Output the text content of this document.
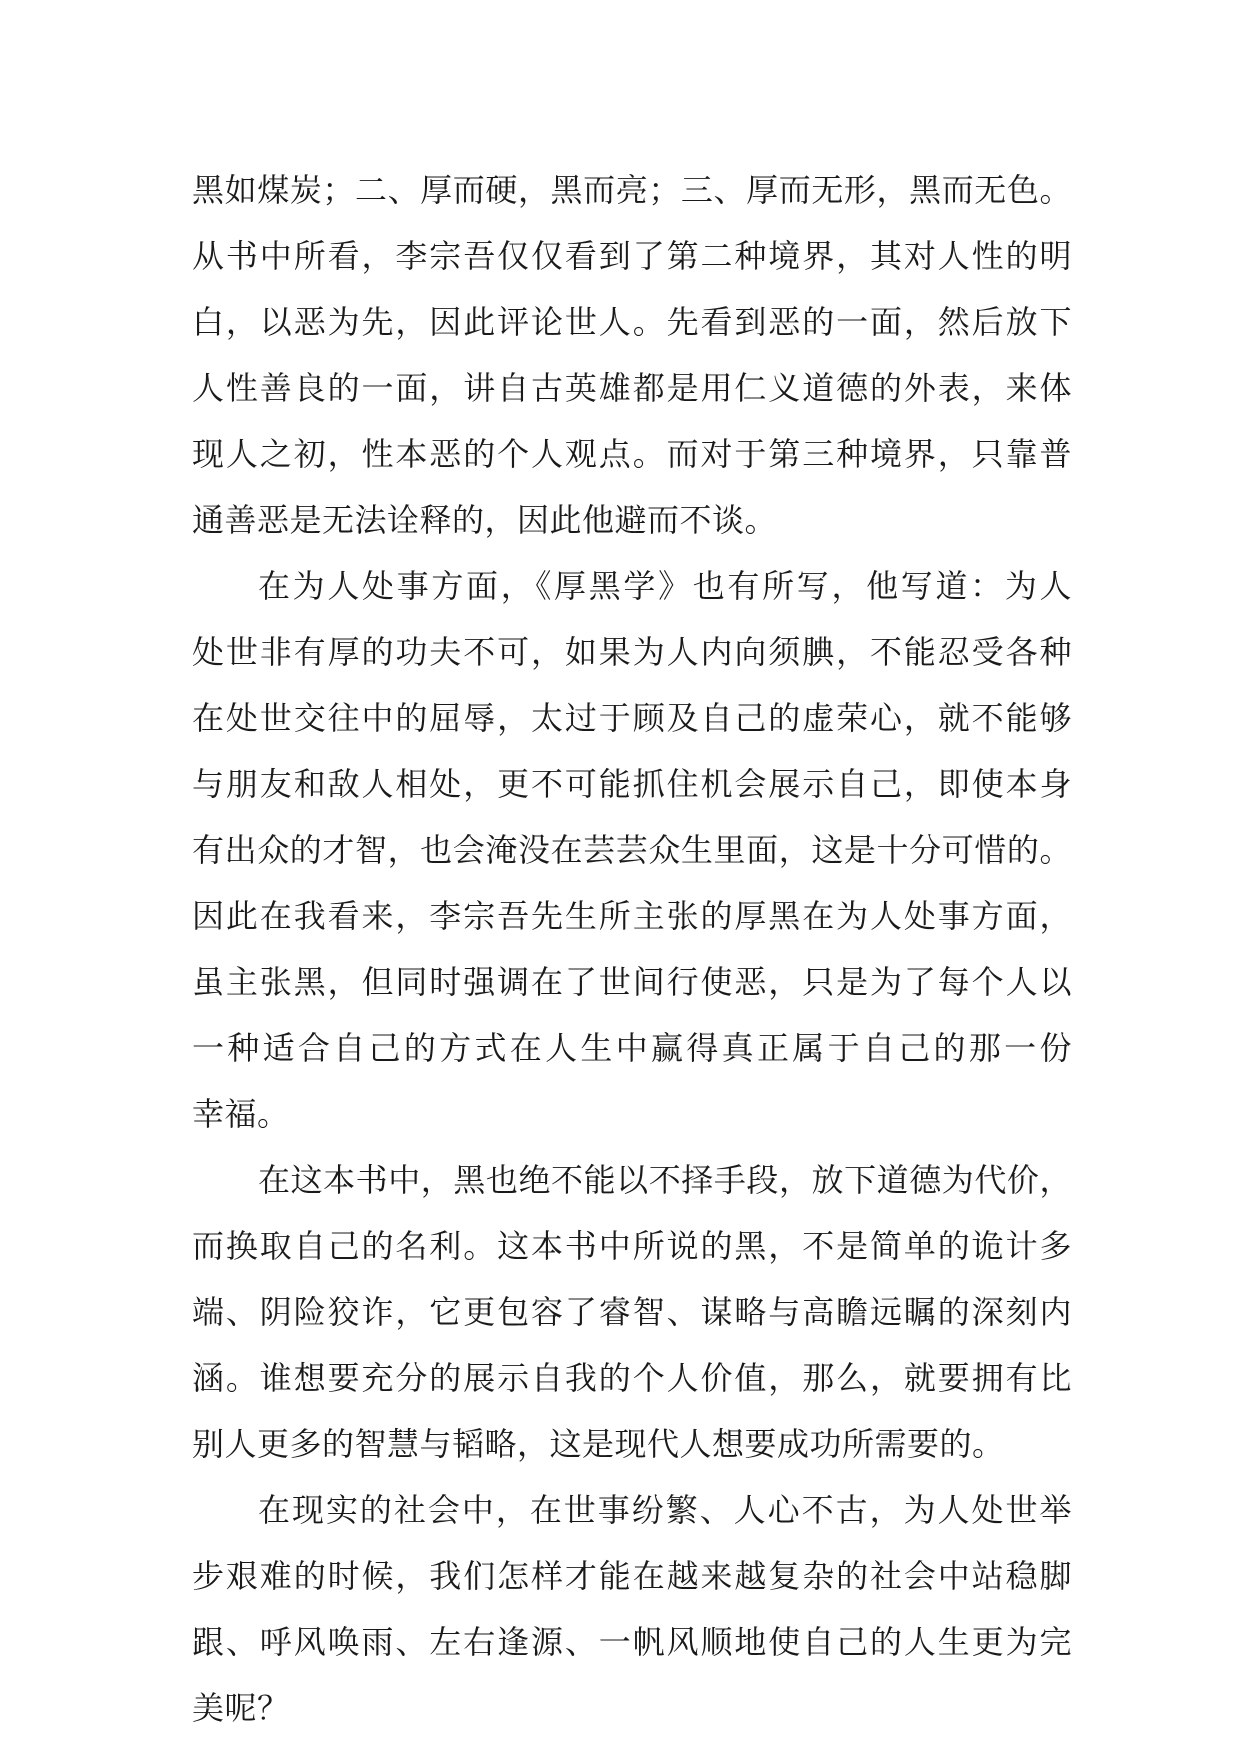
黑如煤炭；二、厚而硬，黑而亮；三、厚而无形，黑而无色。
从书中所看，李宗吾仅仅看到了第二种境界，其对人性的明
白，以恶为先，因此评论世人。先看到恶的一面，然后放下
人性善良的一面，讲自古英雄都是用仁义道德的外表，来体
现人之初，性本恶的个人观点。而对于第三种境界，只靠普
通善恶是无法诠释的，因此他避而不谈。
在为人处事方面，《厚黑学》也有所写，他写道：为人
处世非有厚的功夫不可，如果为人内向须腆，不能忍受各种
在处世交往中的屈辱，太过于顾及自己的虚荣心，就不能够
与朋友和敌人相处，更不可能抓住机会展示自己，即使本身
有出众的才智，也会淹没在芸芸众生里面，这是十分可惜的。
因此在我看来，李宗吾先生所主张的厚黑在为人处事方面，
虽主张黑，但同时强调在了世间行使恶，只是为了每个人以
一种适合自己的方式在人生中赢得真正属于自己的那一份
幸福。
在这本书中，黑也绝不能以不择手段，放下道德为代价，
而换取自己的名利。这本书中所说的黑，不是简单的诡计多
端、阴险狡诈，它更包容了睿智、谋略与高瞻远瞩的深刻内
涵。谁想要充分的展示自我的个人价值，那么，就要拥有比
别人更多的智慧与韬略，这是现代人想要成功所需要的。
在现实的社会中，在世事纷繁、人心不古，为人处世举
步艰难的时候，我们怎样才能在越来越复杂的社会中站稳脚
跟、呼风唤雨、左右逢源、一帆风顺地使自己的人生更为完
美呢？
